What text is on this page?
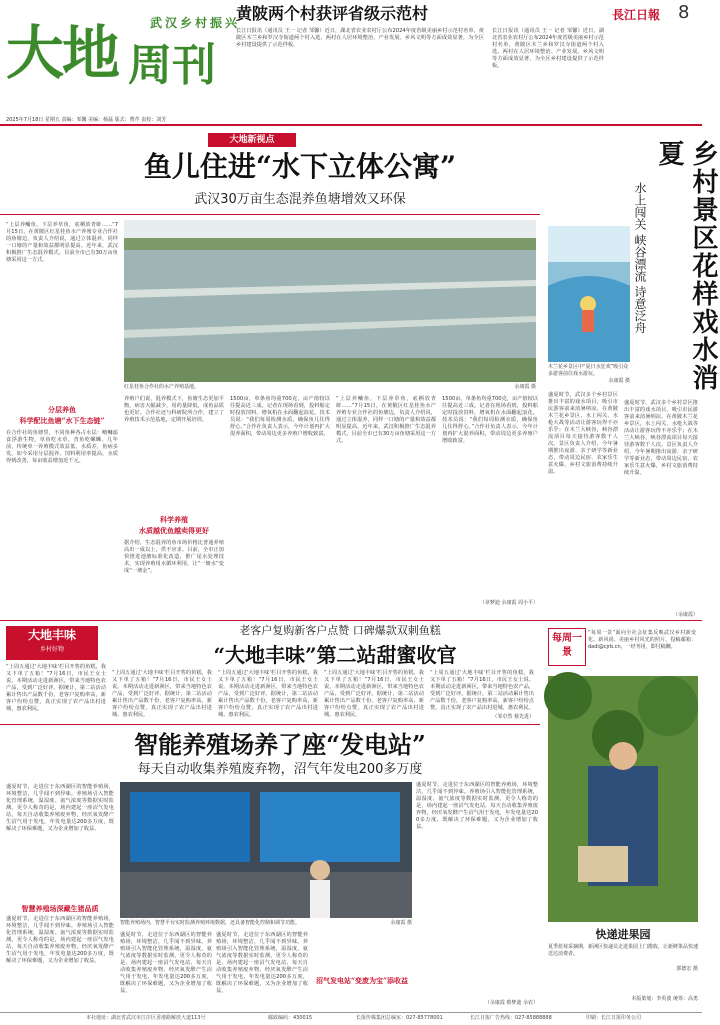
大地 周刊
武汉乡村振兴
2025年7月18日 星期五 责编：邹馨 美编：杨磊 版式：曹芹 责校：刘芳
黄陂两个村获评省级示范村
长江日报讯（通讯员 王一 记者 邹馨）近日，湖北省农业农村厅公布2024年度省级美丽乡村示范村名单，黄陂区木兰乡和罗汉寺街道两个村入选。两村在人居环境整治、产业发展、乡风文明等方面成效显著，为全区乡村建设提供了示范样板。
长江日报讯（通讯员 王一 记者 邹馨）近日，湖北省农业农村厅公布2024年度省级美丽乡村示范村名单，黄陂区木兰乡和罗汉寺街道两个村入选。两村在人居环境整治、产业发展、乡风文明等方面成效显著，为全区乡村建设提供了示范样板。
長江日報 8
大地新视点
鱼儿住进“水下立体公寓”
武汉30万亩生态混养鱼塘增效又环保
“上层养鳙鱼，下层养草鱼，底栖放青虾……”7月15日，在黄陂区红星桂鱼水产养殖专业合作社的鱼塘边，负责人介绍说，通过立体混养，同样一口塘的产量和效益都明显提高。近年来，武汉积极推广生态混养模式，目前全市已有30万亩鱼塘采用这一方式。
红星桂鱼合作社的水产养殖基地。	余康霞 摄
分层养鱼
科学配比鱼塘“水下生态链”
在合作社的鱼塘里，不同鱼种各占水层：鲢鳙滤食浮游生物，草鱼吃水草，青鱼吃螺蛳。几年前，传统单一养殖模式效益低、水质差，鱼病多发。如今采用分层混养，饲料利用率提高，水质得到改善，每亩收益增加近千元。
养殖户们说，混养模式下，鱼塘生态更加平衡，病害大幅减少，用药量降低，成鱼品质也更好。合作社还与科研院所合作，建立了养殖技术示范基地，定期开展培训。
科学养殖
水质越优鱼越卖得更好
据介绍，生态混养的鱼市场价格比普通养殖高出一成以上，供不应求。目前，全市正加快推进池塘标准化改造，推广尾水处理技术，实现养殖用水循环利用，让“一塘水”变成“一塘金”。
1500亩，单条鱼均重700克，亩产值较以往提高近三成。记者在现场看到，投料船定时投放饲料，增氧机在水面翻起浪花。技术员说：“我们每周检测水质，确保鱼儿住得舒心。”合作社负责人表示，今年计划再扩大混养面积，带动周边更多养殖户增收致富。
“上层养鳙鱼，下层养草鱼，底栖放青虾……”7月15日，在黄陂区红星桂鱼水产养殖专业合作社的鱼塘边，负责人介绍说，通过立体混养，同样一口塘的产量和效益都明显提高。近年来，武汉积极推广生态混养模式，目前全市已有30万亩鱼塘采用这一方式。
1500亩，单条鱼均重700克，亩产值较以往提高近三成。记者在现场看到，投料船定时投放饲料，增氧机在水面翻起浪花。技术员说：“我们每周检测水质，确保鱼儿住得舒心。”合作社负责人表示，今年计划再扩大混养面积，带动周边更多养殖户增收致富。
（章梦迪 余康霞 周小平）
乡村景区花样戏水消夏
水上闯关 峡谷漂流 诗意泛舟
木兰花乡景区中“夏日水狂欢”吸引众多游客前往戏水游玩。
余康霞 摄
盛夏时节，武汉多个乡村景区推出丰富的戏水项目，吸引市民游客前来消暑纳凉。在黄陂木兰花乡景区，水上闯关、水枪大战等活动让游客玩得不亦乐乎；在木兰大峡谷，峡谷漂流项目每天接待游客数千人次。景区负责人介绍，今年暑期推出夜游、亲子研学等新业态，带动周边民宿、农家乐生意火爆，乡村文旅消费持续升温。
盛夏时节，武汉多个乡村景区推出丰富的戏水项目，吸引市民游客前来消暑纳凉。在黄陂木兰花乡景区，水上闯关、水枪大战等活动让游客玩得不亦乐乎；在木兰大峡谷，峡谷漂流项目每天接待游客数千人次。景区负责人介绍，今年暑期推出夜游、亲子研学等新业态，带动周边民宿、农家乐生意火爆，乡村文旅消费持续升温。
（余康霞）
大地丰味
乡村好物
老客户复购新客户点赞 口碑爆款双刺鱼糕
“大地丰味”第二站甜蜜收官
“上周五通过‘大地丰味’栏目开售的鱼糕，我又下单了五箱！”7月16日，市民王女士说。本期活动走进新洲区，带来当地特色农产品，受到广泛好评。据统计，第二站活动累计售出产品数千份，老客户复购率高，新客户纷纷点赞，真正实现了农产品出村进城、惠农利民。
“上周五通过‘大地丰味’栏目开售的鱼糕，我又下单了五箱！”7月16日，市民王女士说。本期活动走进新洲区，带来当地特色农产品，受到广泛好评。据统计，第二站活动累计售出产品数千份，老客户复购率高，新客户纷纷点赞，真正实现了农产品出村进城、惠农利民。
“上周五通过‘大地丰味’栏目开售的鱼糕，我又下单了五箱！”7月16日，市民王女士说。本期活动走进新洲区，带来当地特色农产品，受到广泛好评。据统计，第二站活动累计售出产品数千份，老客户复购率高，新客户纷纷点赞，真正实现了农产品出村进城、惠农利民。
“上周五通过‘大地丰味’栏目开售的鱼糕，我又下单了五箱！”7月16日，市民王女士说。本期活动走进新洲区，带来当地特色农产品，受到广泛好评。据统计，第二站活动累计售出产品数千份，老客户复购率高，新客户纷纷点赞，真正实现了农产品出村进城、惠农利民。
“上周五通过‘大地丰味’栏目开售的鱼糕，我又下单了五箱！”7月16日，市民王女士说。本期活动走进新洲区，带来当地特色农产品，受到广泛好评。据统计，第二站活动累计售出产品数千份，老客户复购率高，新客户纷纷点赞，真正实现了农产品出村进城、惠农利民。
（邹卓然 蔡先进）
每周一景
“每周一景”面向全社会征集反映武汉乡村新变化、新风尚、美丽乡村风光的照片，投稿邮箱：dadi@cjrb.cn，一经刊用，即付稿酬。
快递进果园
夏季蓝莓采摘期，新洲区快递员走进果园上门揽收，让新鲜果品快速送达消费者。
郭德宏 摄
本版策划：李英波 统筹：高勇
智能养殖场养了座“发电站”
每天自动收集养殖废弃物，沼气年发电200多万度
盛夏时节，走进位于东西湖区的智能养殖场，环境整洁，几乎闻不到异味。养殖场引入智能化管理系统，温湿度、氨气浓度等数据实时监测。更令人称奇的是，场内建起一座沼气发电站，每天自动收集养殖废弃物，经厌氧发酵产生沼气用于发电，年发电量达200多万度，既解决了环保难题，又为企业增加了收益。
智慧养殖场深藏生猪品质
盛夏时节，走进位于东西湖区的智能养殖场，环境整洁，几乎闻不到异味。养殖场引入智能化管理系统，温湿度、氨气浓度等数据实时监测。更令人称奇的是，场内建起一座沼气发电站，每天自动收集养殖废弃物，经厌氧发酵产生沼气用于发电，年发电量达200多万度，既解决了环保难题，又为企业增加了收益。
智能养殖场内，智慧平台实时监测养殖环境数据，还具备智能化控制和调节功能。	余康霞 摄
盛夏时节，走进位于东西湖区的智能养殖场，环境整洁，几乎闻不到异味。养殖场引入智能化管理系统，温湿度、氨气浓度等数据实时监测。更令人称奇的是，场内建起一座沼气发电站，每天自动收集养殖废弃物，经厌氧发酵产生沼气用于发电，年发电量达200多万度，既解决了环保难题，又为企业增加了收益。
盛夏时节，走进位于东西湖区的智能养殖场，环境整洁，几乎闻不到异味。养殖场引入智能化管理系统，温湿度、氨气浓度等数据实时监测。更令人称奇的是，场内建起一座沼气发电站，每天自动收集养殖废弃物，经厌氧发酵产生沼气用于发电，年发电量达200多万度，既解决了环保难题，又为企业增加了收益。
沼气发电站“变废为宝”添收益
盛夏时节，走进位于东西湖区的智能养殖场，环境整洁，几乎闻不到异味。养殖场引入智能化管理系统，温湿度、氨气浓度等数据实时监测。更令人称奇的是，场内建起一座沼气发电站，每天自动收集养殖废弃物，经厌氧发酵产生沼气用于发电，年发电量达200多万度，既解决了环保难题，又为企业增加了收益。
（余康霞 蔡梦迪 余农）
本社地址：湖北省武汉市江岸区香港路解放大道113号	邮政编码：430015	长报传媒集团总编室：027-85778001	长江日报广告热线：027-85888888	印刷：长江日报印务公司
